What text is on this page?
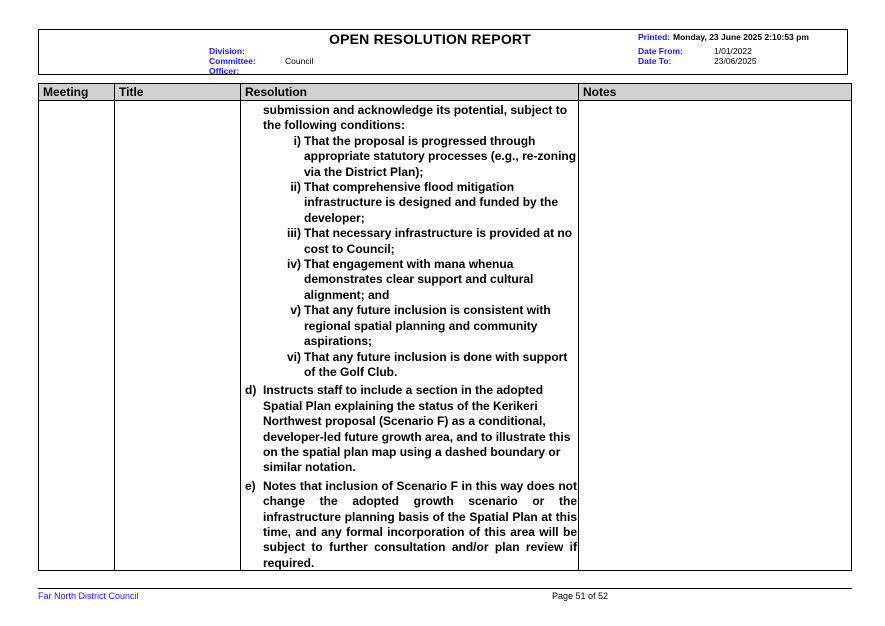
OPEN RESOLUTION REPORT
Division:
Committee:	Council
Officer:
Printed: Monday, 23 June 2025 2:10:53 pm
Date From:	1/01/2022
Date To:	23/06/2025
Meeting	Title	Resolution	Notes

submission and acknowledge its potential, subject to the following conditions:

i) That the proposal is progressed through appropriate statutory processes (e.g., re-zoning via the District Plan);

ii) That comprehensive flood mitigation infrastructure is designed and funded by the developer;

iii) That necessary infrastructure is provided at no cost to Council;

iv) That engagement with mana whenua demonstrates clear support and cultural alignment; and

v) That any future inclusion is consistent with regional spatial planning and community aspirations;

vi) That any future inclusion is done with support of the Golf Club.

d) Instructs staff to include a section in the adopted Spatial Plan explaining the status of the Kerikeri Northwest proposal (Scenario F) as a conditional, developer-led future growth area, and to illustrate this on the spatial plan map using a dashed boundary or similar notation.

e) Notes that inclusion of Scenario F in this way does not change the adopted growth scenario or the infrastructure planning basis of the Spatial Plan at this time, and any formal incorporation of this area will be subject to further consultation and/or plan review if required.

Far North District Council	Page 51 of 52
